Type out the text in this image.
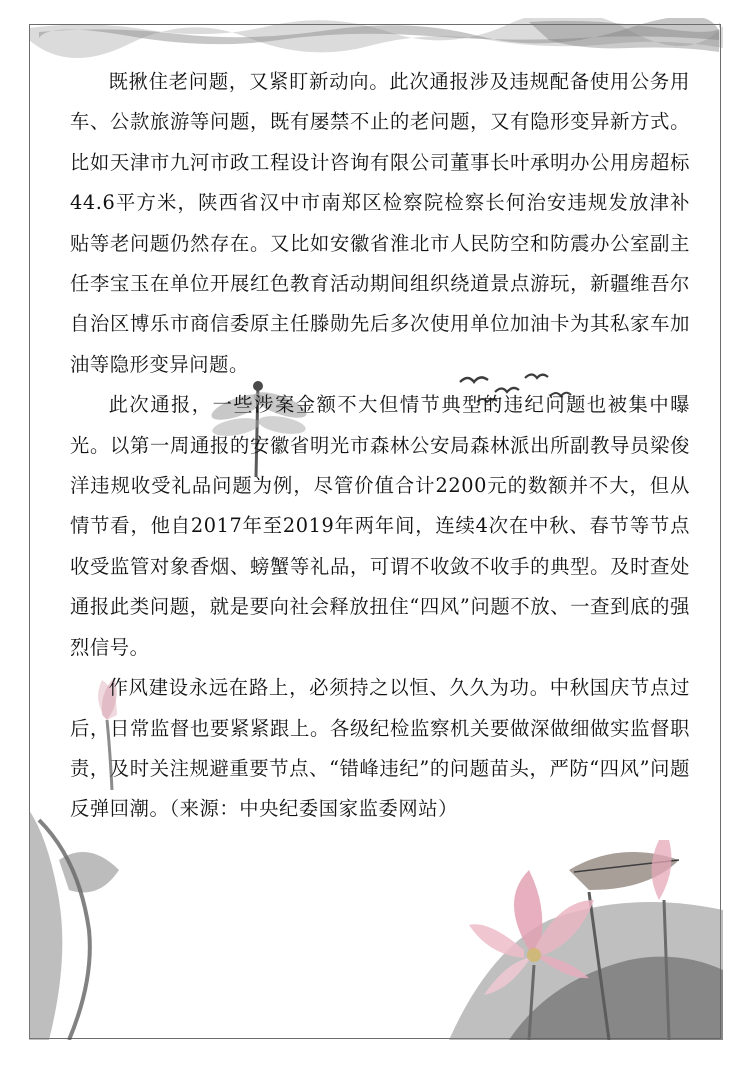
既揪住老问题，又紧盯新动向。此次通报涉及违规配备使用公务用车、公款旅游等问题，既有屡禁不止的老问题，又有隐形变异新方式。比如天津市九河市政工程设计咨询有限公司董事长叶承明办公用房超标44.6平方米，陕西省汉中市南郑区检察院检察长何治安违规发放津补贴等老问题仍然存在。又比如安徽省淮北市人民防空和防震办公室副主任李宝玉在单位开展红色教育活动期间组织绕道景点游玩，新疆维吾尔自治区博乐市商信委原主任滕勋先后多次使用单位加油卡为其私家车加油等隐形变异问题。

此次通报，一些涉案金额不大但情节典型的违纪问题也被集中曝光。以第一周通报的安徽省明光市森林公安局森林派出所副教导员梁俊洋违规收受礼品问题为例，尽管价值合计2200元的数额并不大，但从情节看，他自2017年至2019年两年间，连续4次在中秋、春节等节点收受监管对象香烟、螃蟹等礼品，可谓不收敛不收手的典型。及时查处通报此类问题，就是要向社会释放扭住“四风”问题不放、一查到底的强烈信号。

作风建设永远在路上，必须持之以恒、久久为功。中秋国庆节点过后，日常监督也要紧紧跟上。各级纪检监察机关要做深做细做实监督职责，及时关注规避重要节点、“错峰违纪”的问题苗头，严防“四风”问题反弹回潮。（来源：中央纪委国家监委网站）
